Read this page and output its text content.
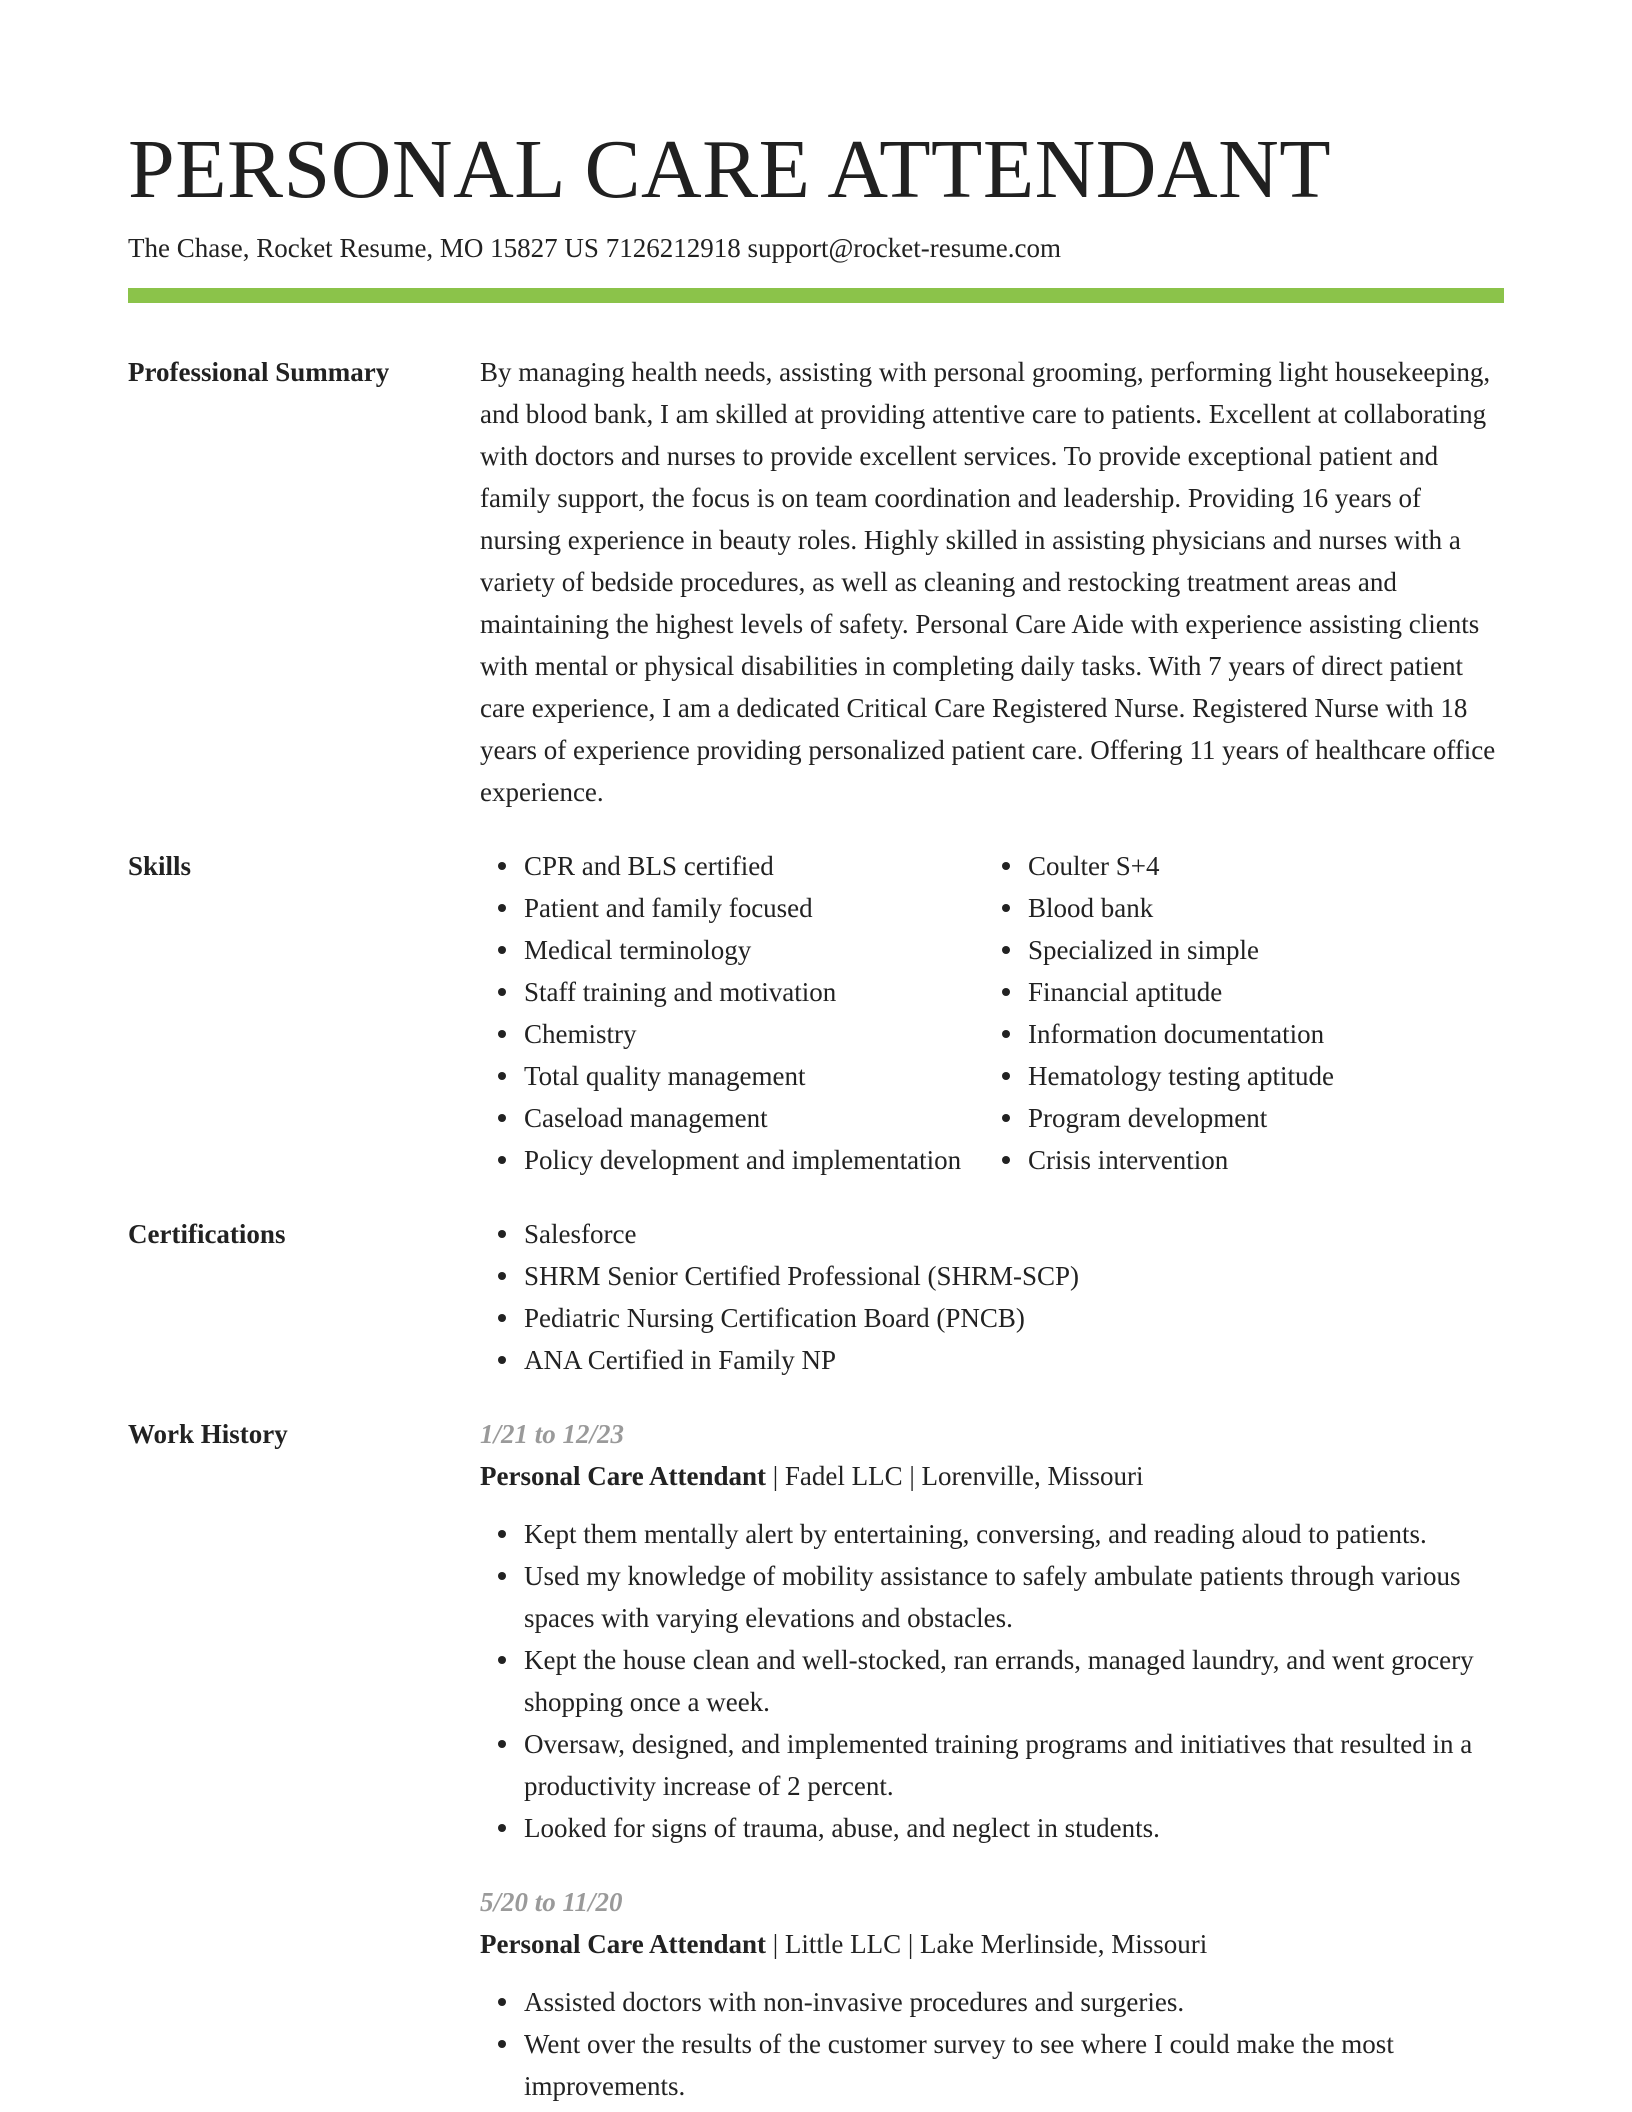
PERSONAL CARE ATTENDANT
The Chase, Rocket Resume, MO 15827 US 7126212918 support@rocket-resume.com
Professional Summary	By managing health needs, assisting with personal grooming, performing light housekeeping, and blood bank, I am skilled at providing attentive care to patients. Excellent at collaborating with doctors and nurses to provide excellent services. To provide exceptional patient and family support, the focus is on team coordination and leadership. Providing 16 years of nursing experience in beauty roles. Highly skilled in assisting physicians and nurses with a variety of bedside procedures, as well as cleaning and restocking treatment areas and maintaining the highest levels of safety. Personal Care Aide with experience assisting clients with mental or physical disabilities in completing daily tasks. With 7 years of direct patient care experience, I am a dedicated Critical Care Registered Nurse. Registered Nurse with 18 years of experience providing personalized patient care. Offering 11 years of healthcare office experience.
Skills	CPR and BLS certified
Patient and family focused
Medical terminology
Staff training and motivation
Chemistry
Total quality management
Caseload management
Policy development and implementation
Coulter S+4
Blood bank
Specialized in simple
Financial aptitude
Information documentation
Hematology testing aptitude
Program development
Crisis intervention
Certifications	Salesforce
SHRM Senior Certified Professional (SHRM-SCP)
Pediatric Nursing Certification Board (PNCB)
ANA Certified in Family NP
Work History	1/21 to 12/23
Personal Care Attendant | Fadel LLC | Lorenville, Missouri
Kept them mentally alert by entertaining, conversing, and reading aloud to patients.
Used my knowledge of mobility assistance to safely ambulate patients through various spaces with varying elevations and obstacles.
Kept the house clean and well-stocked, ran errands, managed laundry, and went grocery shopping once a week.
Oversaw, designed, and implemented training programs and initiatives that resulted in a productivity increase of 2 percent.
Looked for signs of trauma, abuse, and neglect in students.
5/20 to 11/20
Personal Care Attendant | Little LLC | Lake Merlinside, Missouri
Assisted doctors with non-invasive procedures and surgeries.
Went over the results of the customer survey to see where I could make the most improvements.
